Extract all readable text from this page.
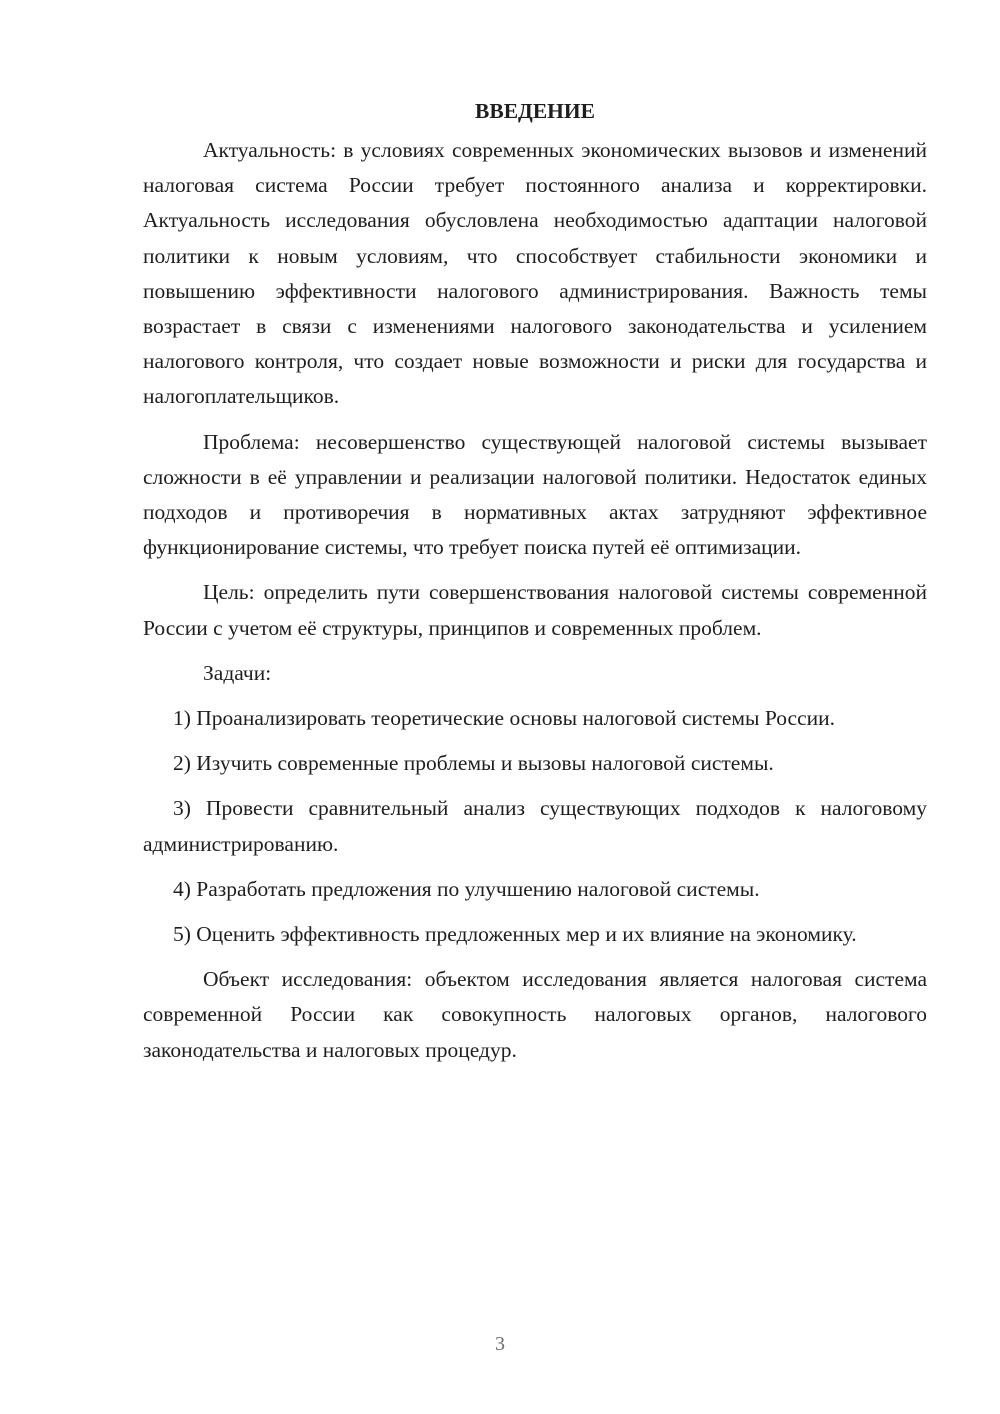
ВВЕДЕНИЕ

Актуальность: в условиях современных экономических вызовов и изменений налоговая система России требует постоянного анализа и корректировки. Актуальность исследования обусловлена необходимостью адаптации налоговой политики к новым условиям, что способствует стабильности экономики и повышению эффективности налогового администрирования. Важность темы возрастает в связи с изменениями налогового законодательства и усилением налогового контроля, что создает новые возможности и риски для государства и налогоплательщиков.

Проблема: несовершенство существующей налоговой системы вызывает сложности в её управлении и реализации налоговой политики. Недостаток единых подходов и противоречия в нормативных актах затрудняют эффективное функционирование системы, что требует поиска путей её оптимизации.

Цель: определить пути совершенствования налоговой системы современной России с учетом её структуры, принципов и современных проблем.

Задачи:

1) Проанализировать теоретические основы налоговой системы России.

2) Изучить современные проблемы и вызовы налоговой системы.

3) Провести сравнительный анализ существующих подходов к налоговому администрированию.

4) Разработать предложения по улучшению налоговой системы.

5) Оценить эффективность предложенных мер и их влияние на экономику.

Объект исследования: объектом исследования является налоговая система современной России как совокупность налоговых органов, налогового законодательства и налоговых процедур.

3
